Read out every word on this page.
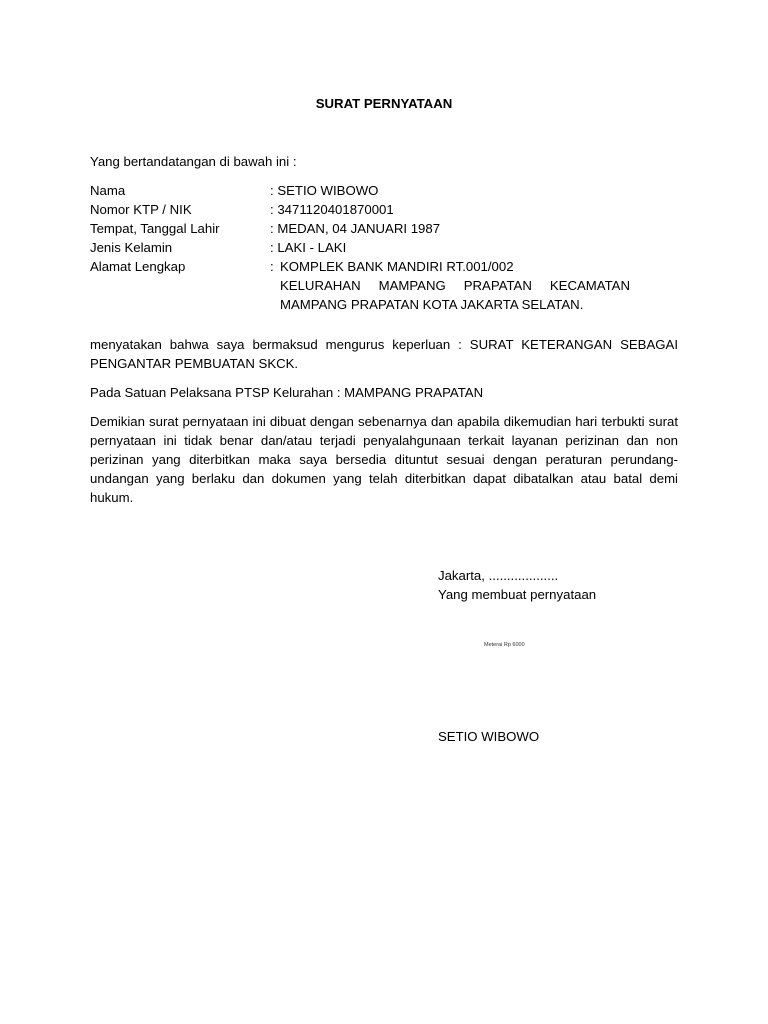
SURAT PERNYATAAN
Yang bertandatangan di bawah ini :
Nama	: SETIO WIBOWO
Nomor KTP / NIK	: 3471120401870001
Tempat, Tanggal Lahir	: MEDAN, 04 JANUARI 1987
Jenis Kelamin	: LAKI - LAKI
Alamat Lengkap	: KOMPLEK BANK MANDIRI RT.001/002
KELURAHAN MAMPANG PRAPATAN KECAMATAN
MAMPANG PRAPATAN KOTA JAKARTA SELATAN.
menyatakan bahwa saya bermaksud mengurus keperluan : SURAT KETERANGAN SEBAGAI PENGANTAR PEMBUATAN SKCK.
Pada Satuan Pelaksana PTSP Kelurahan : MAMPANG PRAPATAN
Demikian surat pernyataan ini dibuat dengan sebenarnya dan apabila dikemudian hari terbukti surat pernyataan ini tidak benar dan/atau terjadi penyalahgunaan terkait layanan perizinan dan non perizinan yang diterbitkan maka saya bersedia dituntut sesuai dengan peraturan perundang-undangan yang berlaku dan dokumen yang telah diterbitkan dapat dibatalkan atau batal demi hukum.
Jakarta, ...................
Yang membuat pernyataan
Meterai Rp 6000
SETIO WIBOWO
